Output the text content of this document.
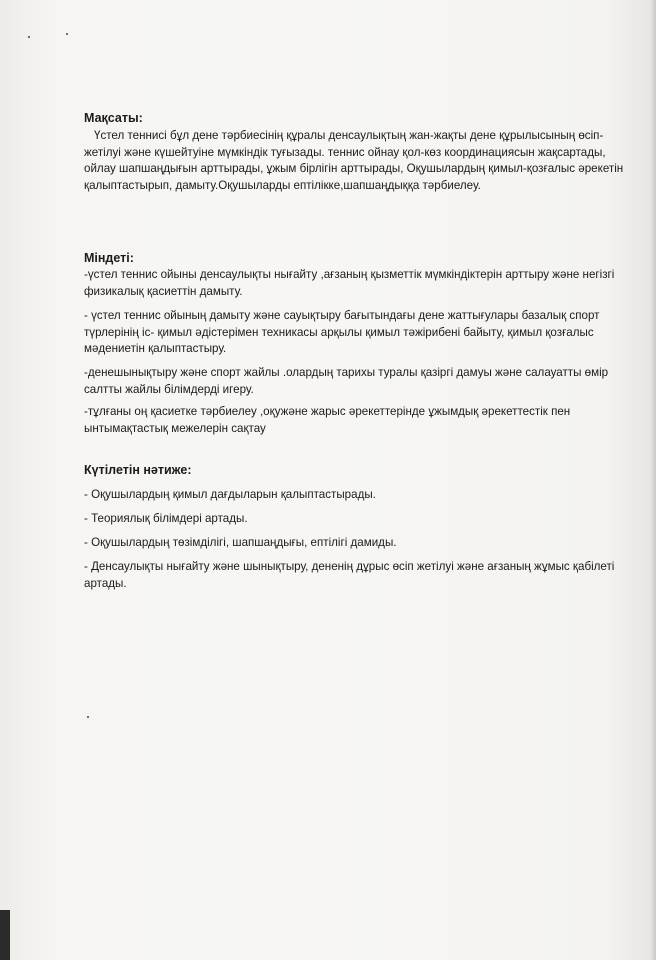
Мақсаты:
Үстел теннисі бұл дене тәрбиесінің құралы денсаулықтың жан-жақты дене құрылысының өсіп-жетілуі және күшейтуіне мүмкіндік туғызады. теннис ойнау қол-көз координациясын жақсартады, ойлау шапшаңдығын арттырады, ұжым бірлігін арттырады, Оқушылардың қимыл-қозғалыс әрекетін қалыптастырып, дамыту.Оқушыларды ептілікке,шапшаңдыққа тәрбиелеу.
Міндеті:
-үстел теннис ойыны денсаулықты нығайту ,ағзаның қызметтік мүмкіндіктерін арттыру және негізгі физикалық қасиеттін дамыту.
- үстел теннис ойының дамыту және сауықтыру бағытындағы дене жаттығулары базалық спорт түрлерінің іс- қимыл әдістерімен техникасы арқылы қимыл тәжірибені байыту, қимыл қозғалыс мәдениетін қалыптастыру.
-денешынықтыру және спорт жайлы .олардың тарихы туралы қазіргі дамуы және салауатты өмір салтты жайлы білімдерді игеру.
-тұлғаны оң қасиетке тәрбиелеу ,оқужәне жарыс әрекеттерінде ұжымдық әрекеттестік пен ынтымақтастық межелерін сақтау
Күтілетін нәтиже:
- Оқушылардың қимыл дағдыларын қалыптастырады.
- Теориялық білімдері артады.
- Оқушылардың төзімділігі, шапшаңдығы, ептілігі дамиды.
- Денсаулықты нығайту және шынықтыру, дененің дұрыс өсіп жетілуі және ағзаның жұмыс қабілеті артады.
